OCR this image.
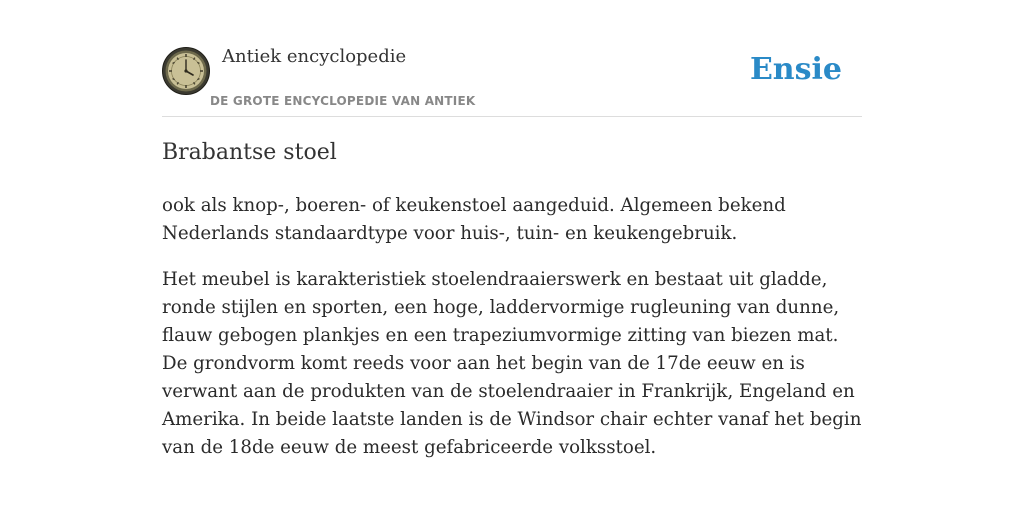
Antiek encyclopedie
DE GROTE ENCYCLOPEDIE VAN ANTIEK
Ensie
Brabantse stoel

ook als knop-, boeren- of keukenstoel aangeduid. Algemeen bekend Nederlands standaardtype voor huis-, tuin- en keukengebruik.

Het meubel is karakteristiek stoelendraaierswerk en bestaat uit gladde, ronde stijlen en sporten, een hoge, laddervormige rugleuning van dunne, flauw gebogen plankjes en een trapeziumvormige zitting van biezen mat. De grondvorm komt reeds voor aan het begin van de 17de eeuw en is verwant aan de produkten van de stoelendraaier in Frankrijk, Engeland en Amerika. In beide laatste landen is de Windsor chair echter vanaf het begin van de 18de eeuw de meest gefabriceerde volksstoel.
